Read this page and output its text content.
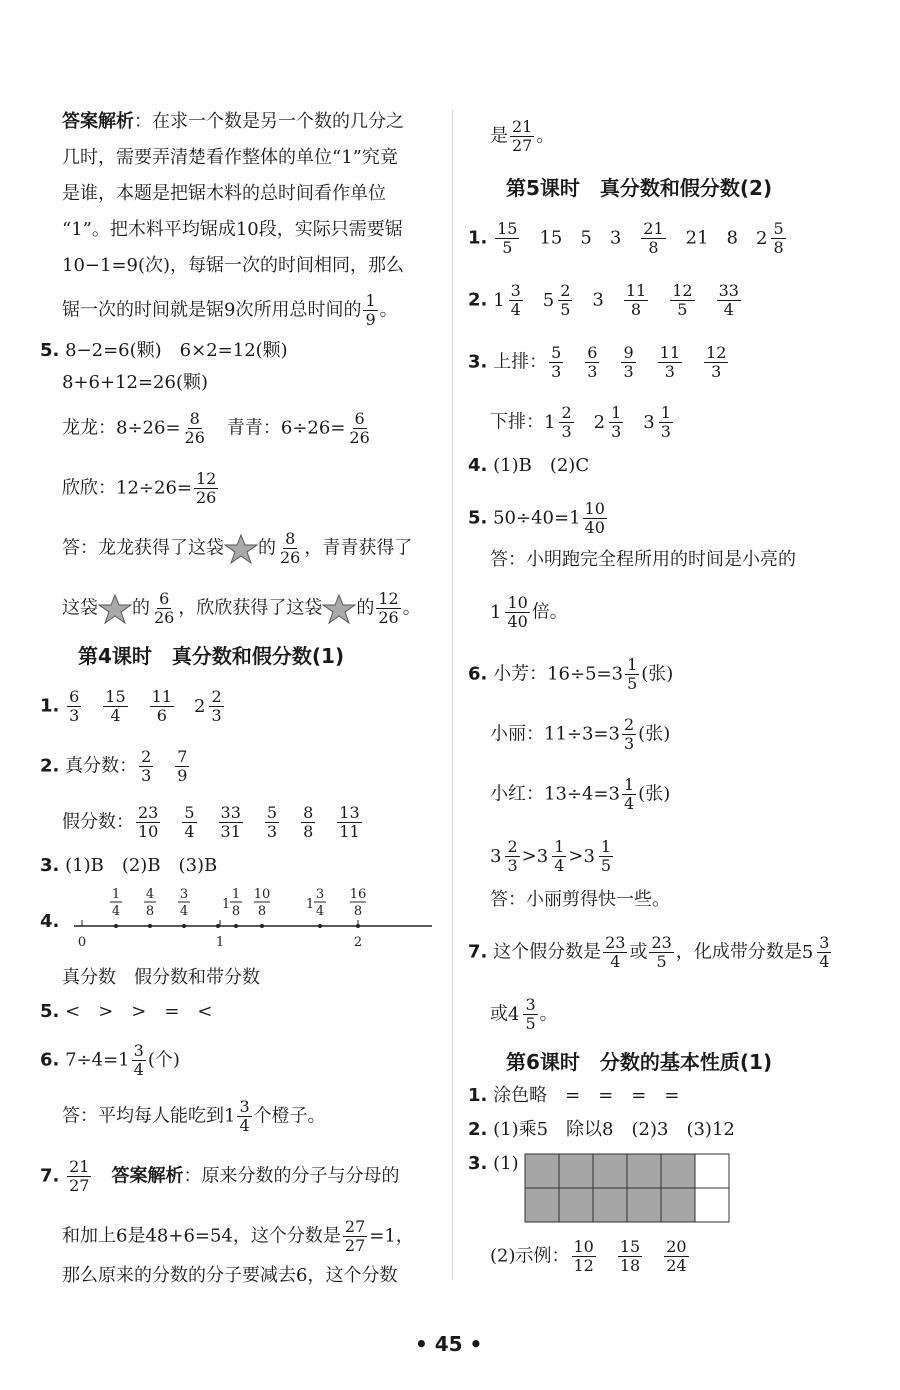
答案解析：在求一个数是另一个数的几分之
几时，需要弄清楚看作整体的单位“1”究竟
是谁，本题是把锯木料的总时间看作单位
“1”。把木料平均锯成10段，实际只需要锯
10−1=9(次)，每锯一次的时间相同，那么
锯一次的时间就是锯9次所用总时间的 $\frac{1}{9}$ 。
5. 8−2=6(颗)　6×2=12(颗)
8+6+12=26(颗)
龙龙：$8\div 26= \frac{8}{26}$
　 青青：$6\div 26= \frac{6}{26}$
欣欣：$12\div 26= \frac{12}{26}$
答：龙龙获得了这袋 的 $\frac{8}{26}$ ，青青获得了
这袋 的 $\frac{6}{26}$ ，欣欣获得了这袋 的 $\frac{12}{26}$ 。
第4课时　真分数和假分数(1)
1. $\frac{6}{3} \frac{15}{4} \frac{11}{6} 2 \frac{2}{3}$
2. 真分数： $\frac{2}{3} \frac{7}{9}$
假分数： $\frac{23}{10} \frac{5}{4} \frac{33}{31} \frac{5}{3} \frac{8}{8} \frac{13}{11}$
3. (1)B　(2)B　(3)B
4.
0	1	2
1
4
4
8
3
4	1
1
8
10
8	1
3
4
16
8
真分数　假分数和带分数
5. <　>　>　=　<
6. $7\div 4=1 \frac{3}{4}$ (个)
答：平均每人能吃到$1 \frac{3}{4}$ 个橙子。
7. $\frac{21}{27}$
　 答案解析：原来分数的分子与分母的
和加上6是48+6=54，这个分数是 $\frac{27}{27} =1$，
那么原来的分数的分子要减去6，这个分数
是 $\frac{21}{27}$ 。
第5课时　真分数和假分数(2)
1. $\frac{15}{5} 15$ 5 $3 \frac{21}{8} 21$ 8 $2 \frac{5}{8}$
2. $1 \frac{3}{4} 5 \frac{2}{5} 3 \frac{11}{8} \frac{12}{5} \frac{33}{4}$
3. 上排： $\frac{5}{3} \frac{6}{3} \frac{9}{3} \frac{11}{3} \frac{12}{3}$
下排： $1 \frac{2}{3} 2 \frac{1}{3} 3 \frac{1}{3}$
4. (1)B　(2)C
5. $50\div 40=1 \frac{10}{40}$
答：小明跑完全程所用的时间是小亮的
$1 \frac{10}{40}$ 倍。
6. 小芳：$16\div 5=3 \frac{1}{5}$ (张)
小丽：$11\div 3=3 \frac{2}{3}$ (张)
小红：$13\div 4=3 \frac{1}{4}$ (张)
$3 \frac{2}{3} > 3 \frac{1}{4} > 3 \frac{1}{5}$
答：小丽剪得快一些。
7. 这个假分数是 $\frac{23}{4}$ 或 $\frac{23}{5}$ ，化成带分数是 $5 \frac{3}{4}$
或 $4 \frac{3}{5}$ 。
第6课时　分数的基本性质(1)
1. 涂色略　=　=　=　=
2. (1)乘5　除以8　(2)3　(3)12
3. (1)
(2)示例： $\frac{10}{12} \frac{15}{18} \frac{20}{24}$
• 45 •
